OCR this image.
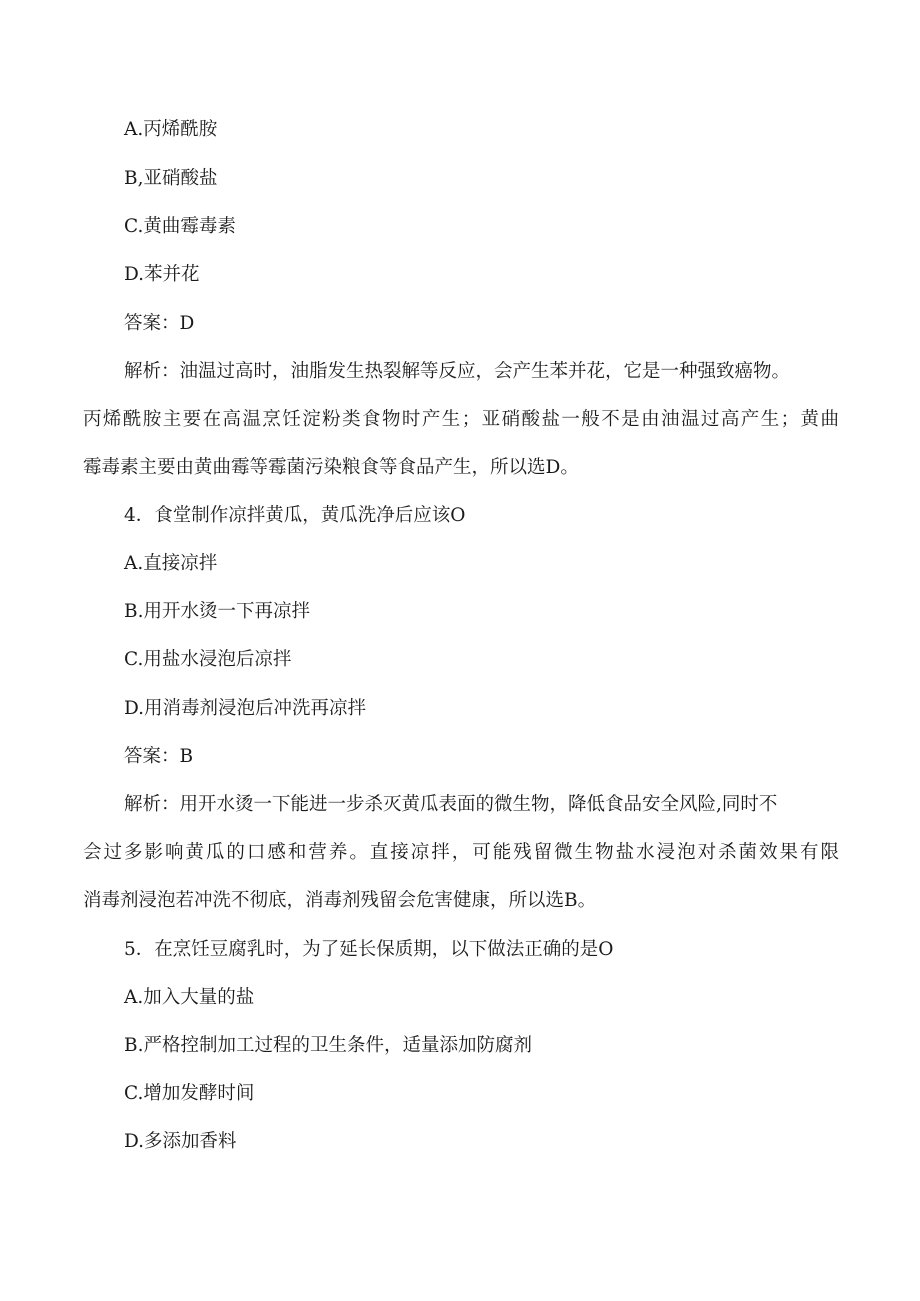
A.丙烯酰胺
B,亚硝酸盐
C.黄曲霉毒素
D.苯并花
答案：D
解析：油温过高时，油脂发生热裂解等反应，会产生苯并花，它是一种强致癌物。
丙烯酰胺主要在高温烹饪淀粉类食物时产生；亚硝酸盐一般不是由油温过高产生；黄曲
霉毒素主要由黄曲霉等霉菌污染粮食等食品产生，所以选D。
4．食堂制作凉拌黄瓜，黄瓜洗净后应该O
A.直接凉拌
B.用开水烫一下再凉拌
C.用盐水浸泡后凉拌
D.用消毒剂浸泡后冲洗再凉拌
答案：B
解析：用开水烫一下能进一步杀灭黄瓜表面的微生物，降低食品安全风险,同时不
会过多影响黄瓜的口感和营养。直接凉拌，可能残留微生物盐水浸泡对杀菌效果有限
消毒剂浸泡若冲洗不彻底，消毒剂残留会危害健康，所以选B。
5．在烹饪豆腐乳时，为了延长保质期，以下做法正确的是O
A.加入大量的盐
B.严格控制加工过程的卫生条件，适量添加防腐剂
C.增加发酵时间
D.多添加香料
